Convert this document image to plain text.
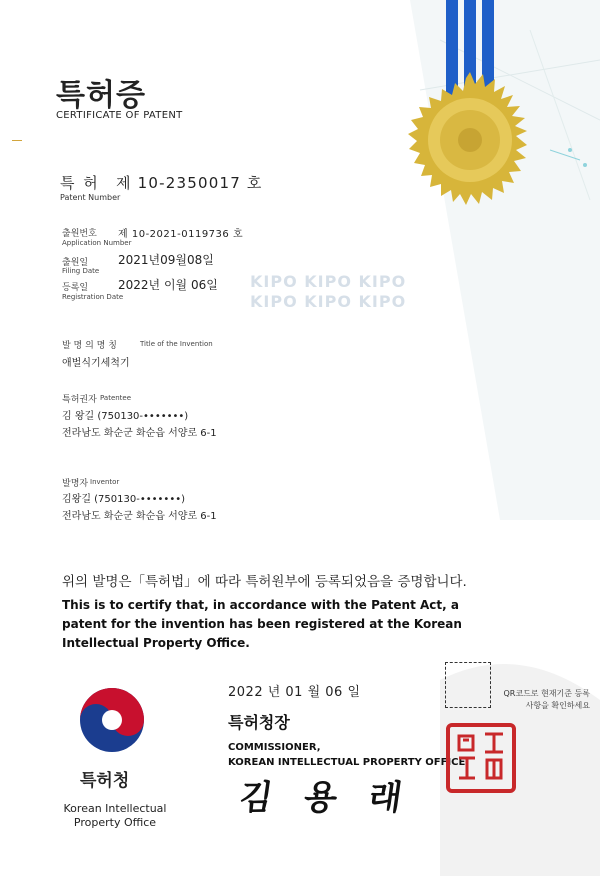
KIPO KIPO KIPO
KIPO KIPO KIPO
특허증
CERTIFICATE OF PATENT
특 허 제 10-2350017 호
Patent Number
출원번호
Application Number
제 10-2021-0119736 호
출원일
Filing Date
2021년09월08일
등록일
Registration Date
2022년 이월 06일
발 명 의 명 칭	Title of the Invention
애벌식기세척기
특허권자 Patentee
김 왕길 (750130-•••••••)
전라남도 화순군 화순읍 서양로 6-1
발명자 Inventor
김왕길 (750130-•••••••)
전라남도 화순군 화순읍 서양로 6-1
위의 발명은「특허법」에 따라 특허원부에 등록되었음을 증명합니다.
This is to certify that, in accordance with the Patent Act, a patent for the invention has been registered at the Korean Intellectual Property Office.
2022 년 01 월 06 일
특허청장
COMMISSIONER,
KOREAN INTELLECTUAL PROPERTY OFFICE
김 용 래
QR코드로 현재기준 등록
사항을 확인하세요
특허청
Korean Intellectual Property Office
